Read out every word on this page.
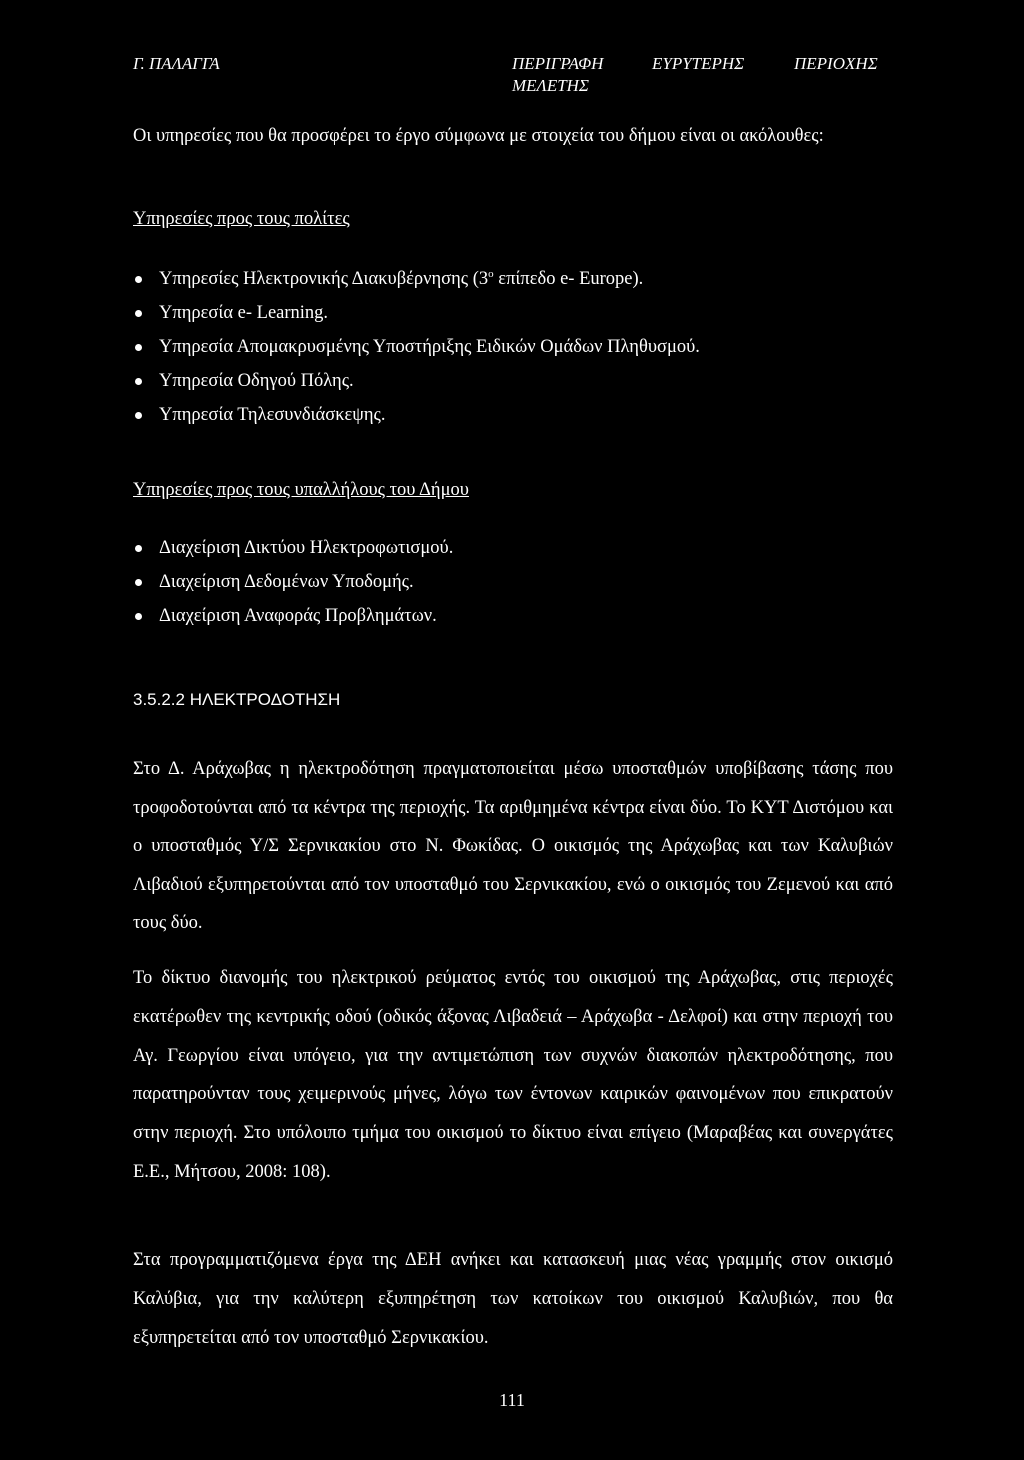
Γ. ΠΑΛΑΓΓΑ	ΠΕΡΙΓΡΑΦΗ	ΕΥΡΥΤΕΡΗΣ	ΠΕΡΙΟΧΗΣ
ΜΕΛΕΤΗΣ

Οι υπηρεσίες που θα προσφέρει το έργο σύμφωνα με στοιχεία του δήμου είναι οι ακόλουθες:

Υπηρεσίες προς τους πολίτες

Υπηρεσίες Ηλεκτρονικής Διακυβέρνησης ($3^o$ επίπεδο e- Europe).
Υπηρεσία e- Learning.
Υπηρεσία Απομακρυσμένης Υποστήριξης Ειδικών Ομάδων Πληθυσμού.
Υπηρεσία Οδηγού Πόλης.
Υπηρεσία Τηλεσυνδιάσκεψης.

Υπηρεσίες προς τους υπαλλήλους του Δήμου

Διαχείριση Δικτύου Ηλεκτροφωτισμού.
Διαχείριση Δεδομένων Υποδομής.
Διαχείριση Αναφοράς Προβλημάτων.

3.5.2.2 ΗΛΕΚΤΡΟΔΟΤΗΣΗ

Στο Δ. Αράχωβας η ηλεκτροδότηση πραγματοποιείται μέσω υποσταθμών υποβίβασης τάσης που τροφοδοτούνται από τα κέντρα της περιοχής. Τα αριθμημένα κέντρα είναι δύο. Το ΚΥΤ Διστόμου και ο υποσταθμός Υ/Σ Σερνικακίου στο Ν. Φωκίδας. Ο οικισμός της Αράχωβας και των Καλυβιών Λιβαδιού εξυπηρετούνται από τον υποσταθμό του Σερνικακίου, ενώ ο οικισμός του Ζεμενού και από τους δύο.

Το δίκτυο διανομής του ηλεκτρικού ρεύματος εντός του οικισμού της Αράχωβας, στις περιοχές εκατέρωθεν της κεντρικής οδού (οδικός άξονας Λιβαδειά – Αράχωβα - Δελφοί) και στην περιοχή του Αγ. Γεωργίου είναι υπόγειο, για την αντιμετώπιση των συχνών διακοπών ηλεκτροδότησης, που παρατηρούνταν τους χειμερινούς μήνες, λόγω των έντονων καιρικών φαινομένων που επικρατούν στην περιοχή. Στο υπόλοιπο τμήμα του οικισμού το δίκτυο είναι επίγειο (Μαραβέας και συνεργάτες Ε.Ε., Μήτσου, 2008: 108).

Στα προγραμματιζόμενα έργα της ΔΕΗ ανήκει και κατασκευή μιας νέας γραμμής στον οικισμό Καλύβια, για την καλύτερη εξυπηρέτηση των κατοίκων του οικισμού Καλυβιών, που θα εξυπηρετείται από τον υποσταθμό Σερνικακίου.

111
